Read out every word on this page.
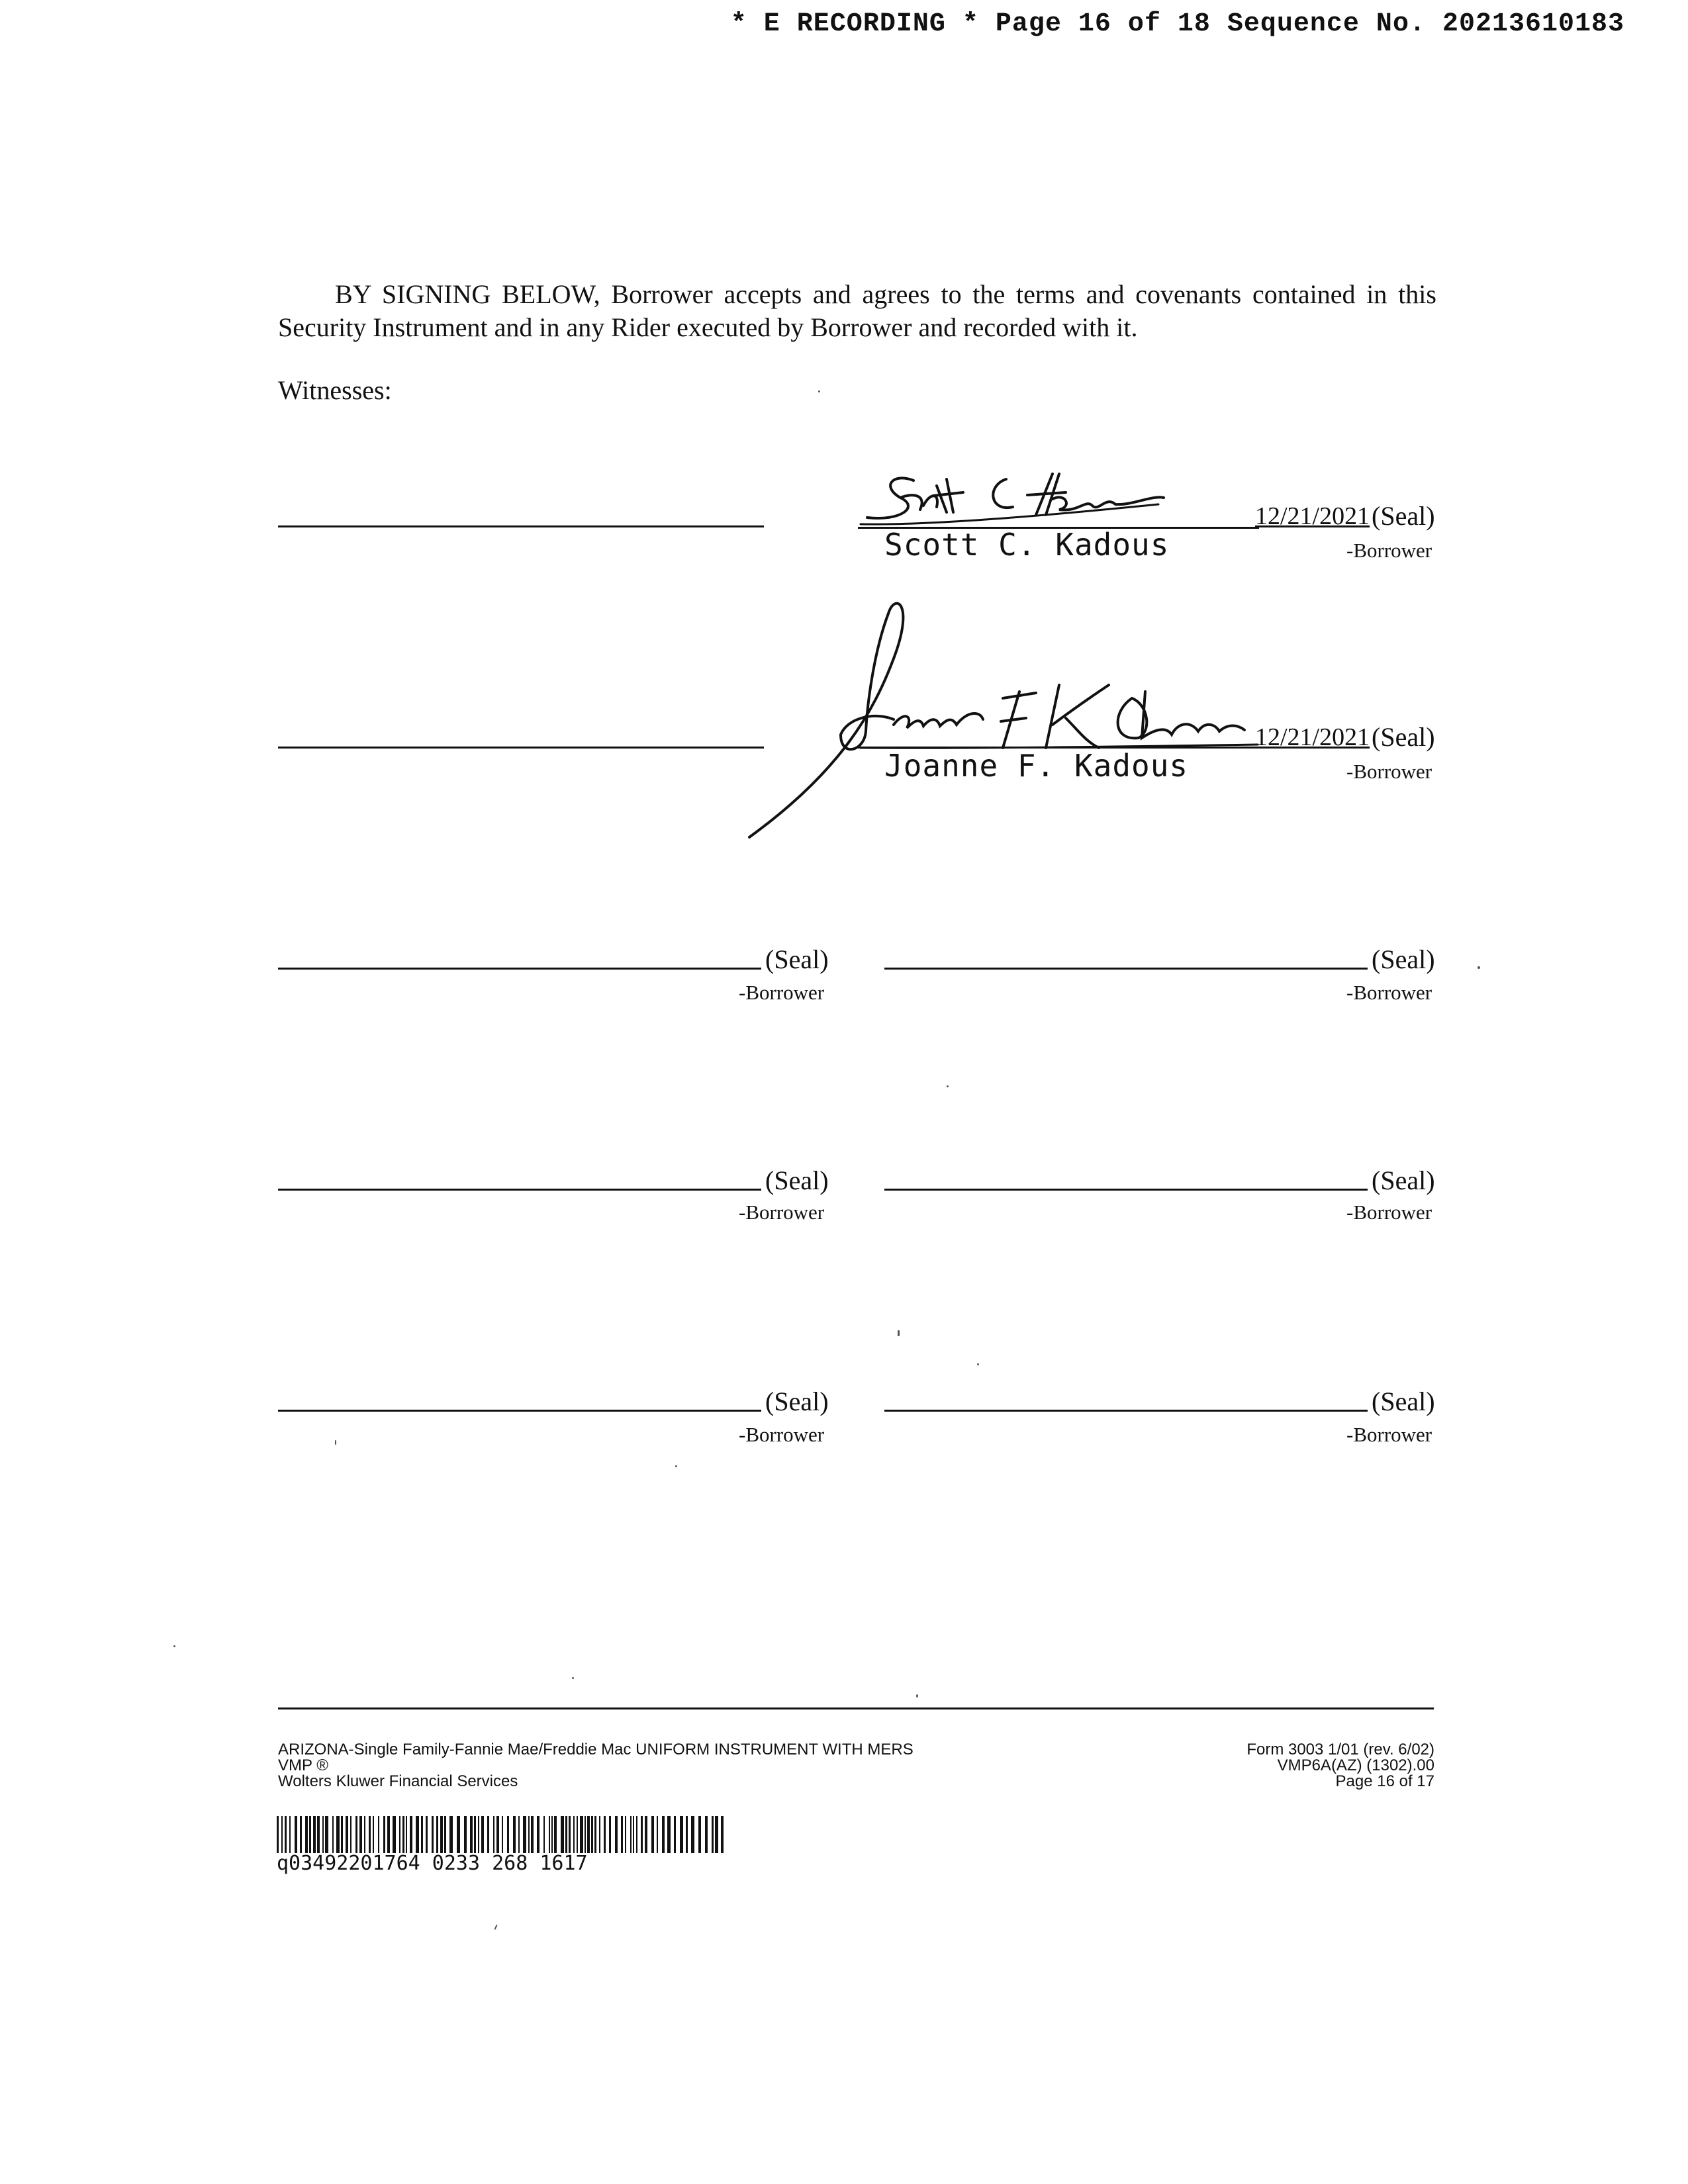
* E RECORDING * Page 16 of 18 Sequence No. 20213610183
BY SIGNING BELOW, Borrower accepts and agrees to the terms and covenants contained in this Security Instrument and in any Rider executed by Borrower and recorded with it.
Witnesses:
12/21/2021 (Seal)
Scott C. Kadous	-Borrower
12/21/2021 (Seal)
Joanne F. Kadous	-Borrower
(Seal)
-Borrower
(Seal)
-Borrower
(Seal)
-Borrower
(Seal)
-Borrower
(Seal)
-Borrower
(Seal)
-Borrower
ARIZONA-Single Family-Fannie Mae/Freddie Mac UNIFORM INSTRUMENT WITH MERS
VMP ®
Wolters Kluwer Financial Services
Form 3003 1/01 (rev. 6/02)
VMP6A(AZ) (1302).00
Page 16 of 17
q03492201764 0233 268 1617
